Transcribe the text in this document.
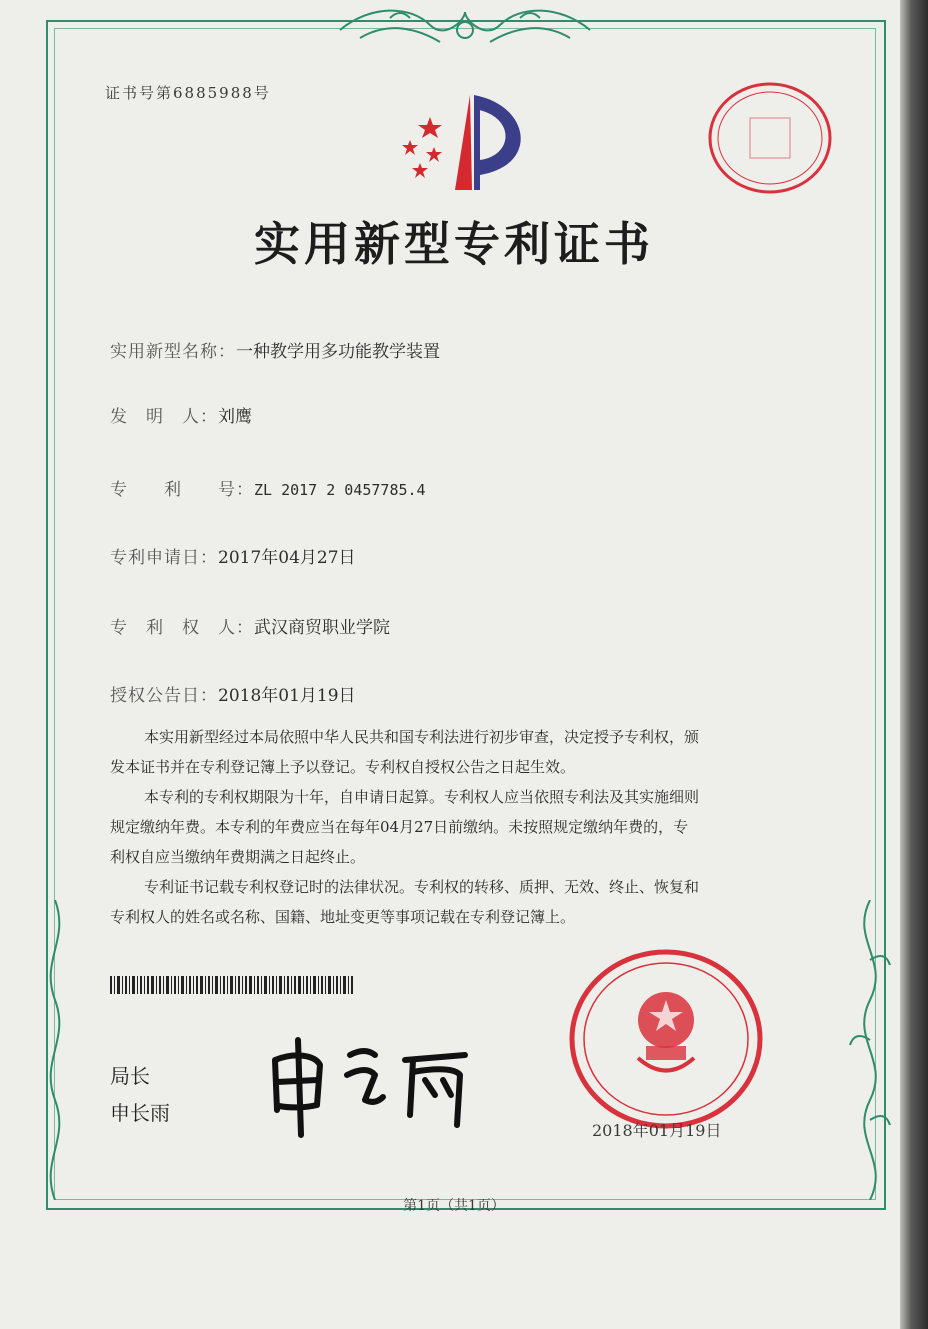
证书号第6885988号
实用新型专利证书
实用新型名称：一种教学用多功能教学装置
发　明　人：刘鹰
专　　利　　号：ZL 2017 2 0457785.4
专利申请日：2017年04月27日
专　利　权　人：武汉商贸职业学院
授权公告日：2018年01月19日
本实用新型经过本局依照中华人民共和国专利法进行初步审查，决定授予专利权，颁
发本证书并在专利登记簿上予以登记。专利权自授权公告之日起生效。
本专利的专利权期限为十年，自申请日起算。专利权人应当依照专利法及其实施细则
规定缴纳年费。本专利的年费应当在每年04月27日前缴纳。未按照规定缴纳年费的，专
利权自应当缴纳年费期满之日起终止。
专利证书记载专利权登记时的法律状况。专利权的转移、质押、无效、终止、恢复和
专利权人的姓名或名称、国籍、地址变更等事项记载在专利登记簿上。
局长
申长雨
2018年01月19日
第1页（共1页）
